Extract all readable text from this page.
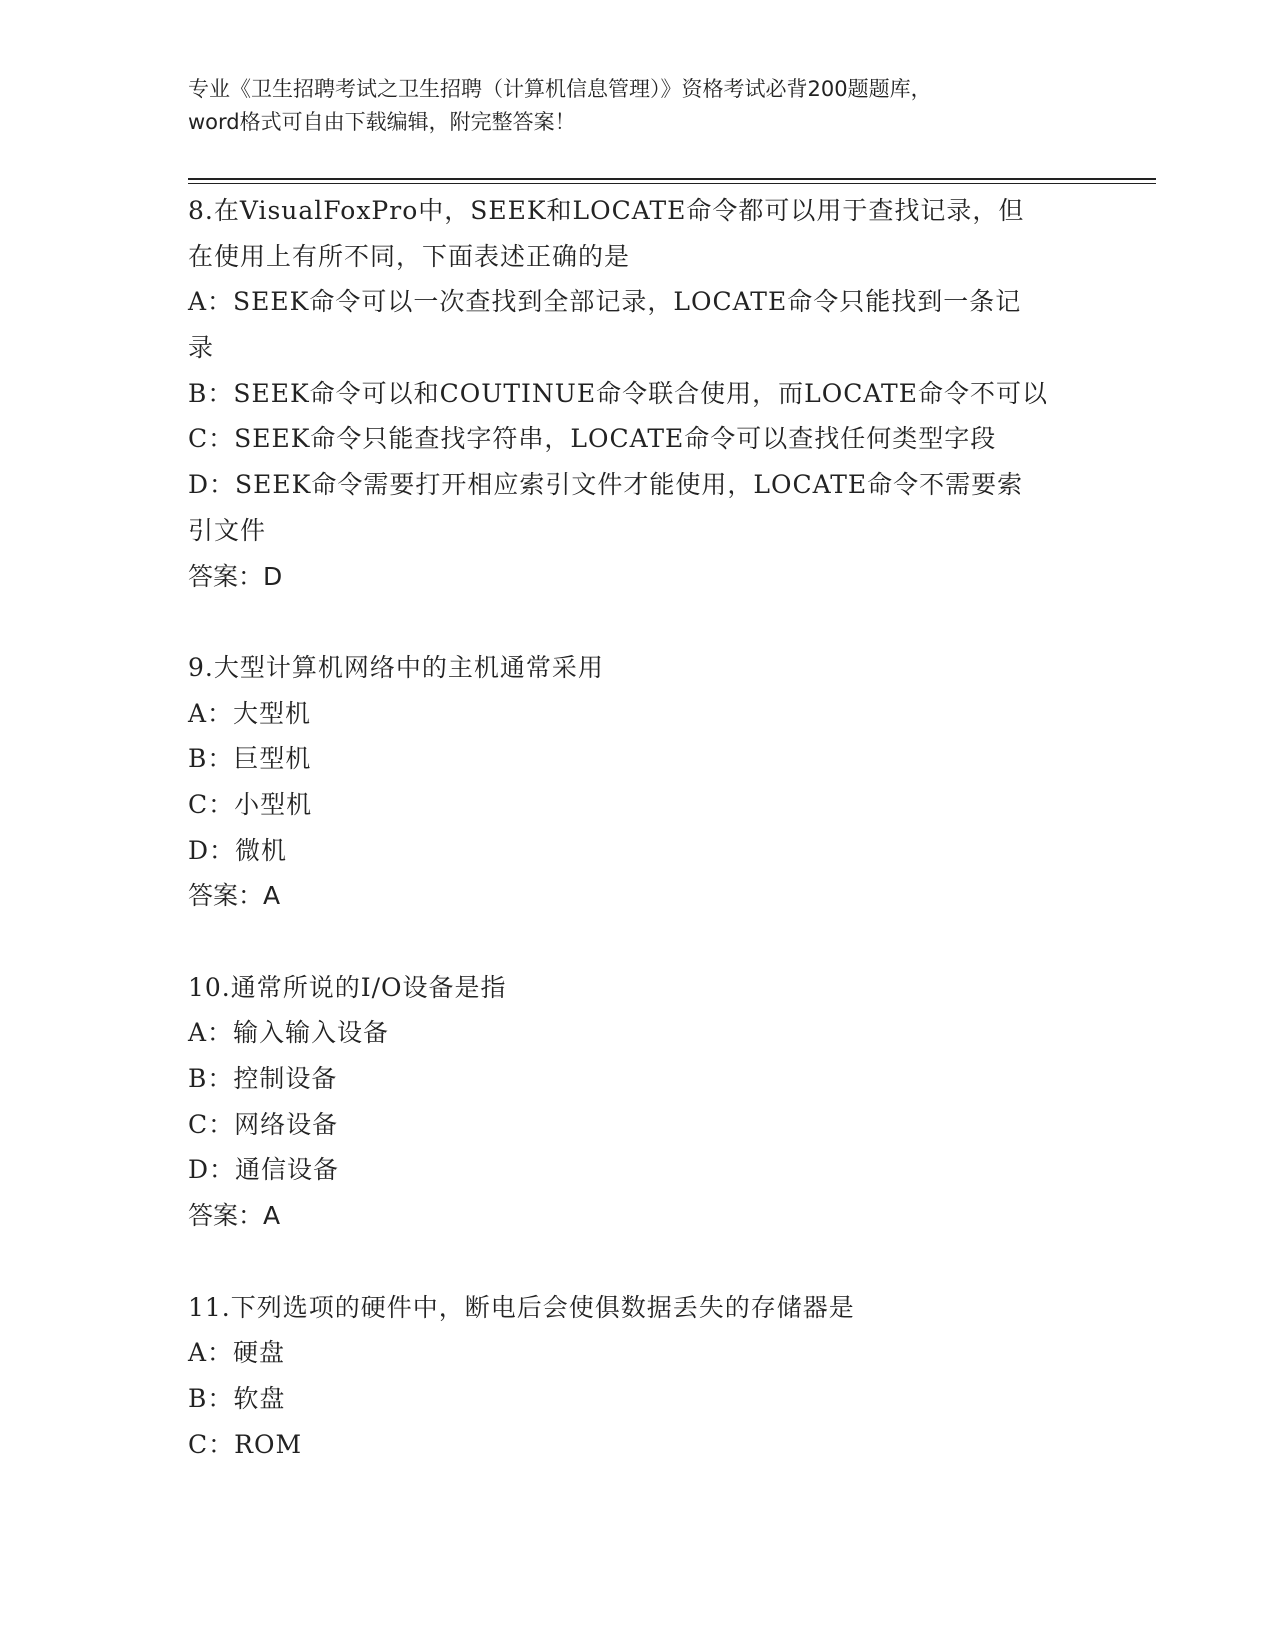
专业《卫生招聘考试之卫生招聘（计算机信息管理）》资格考试必背200题题库，
word格式可自由下载编辑，附完整答案！
8.在VisualFoxPro中，SEEK和LOCATE命令都可以用于查找记录，但
在使用上有所不同，下面表述正确的是
A：SEEK命令可以一次查找到全部记录，LOCATE命令只能找到一条记
录
B：SEEK命令可以和COUTINUE命令联合使用，而LOCATE命令不可以
C：SEEK命令只能查找字符串，LOCATE命令可以查找任何类型字段
D：SEEK命令需要打开相应索引文件才能使用，LOCATE命令不需要索
引文件
答案：D
9.大型计算机网络中的主机通常采用
A：大型机
B：巨型机
C：小型机
D：微机
答案：A
10.通常所说的I/O设备是指
A：输入输入设备
B：控制设备
C：网络设备
D：通信设备
答案：A
11.下列选项的硬件中，断电后会使俱数据丢失的存储器是
A：硬盘
B：软盘
C：ROM
